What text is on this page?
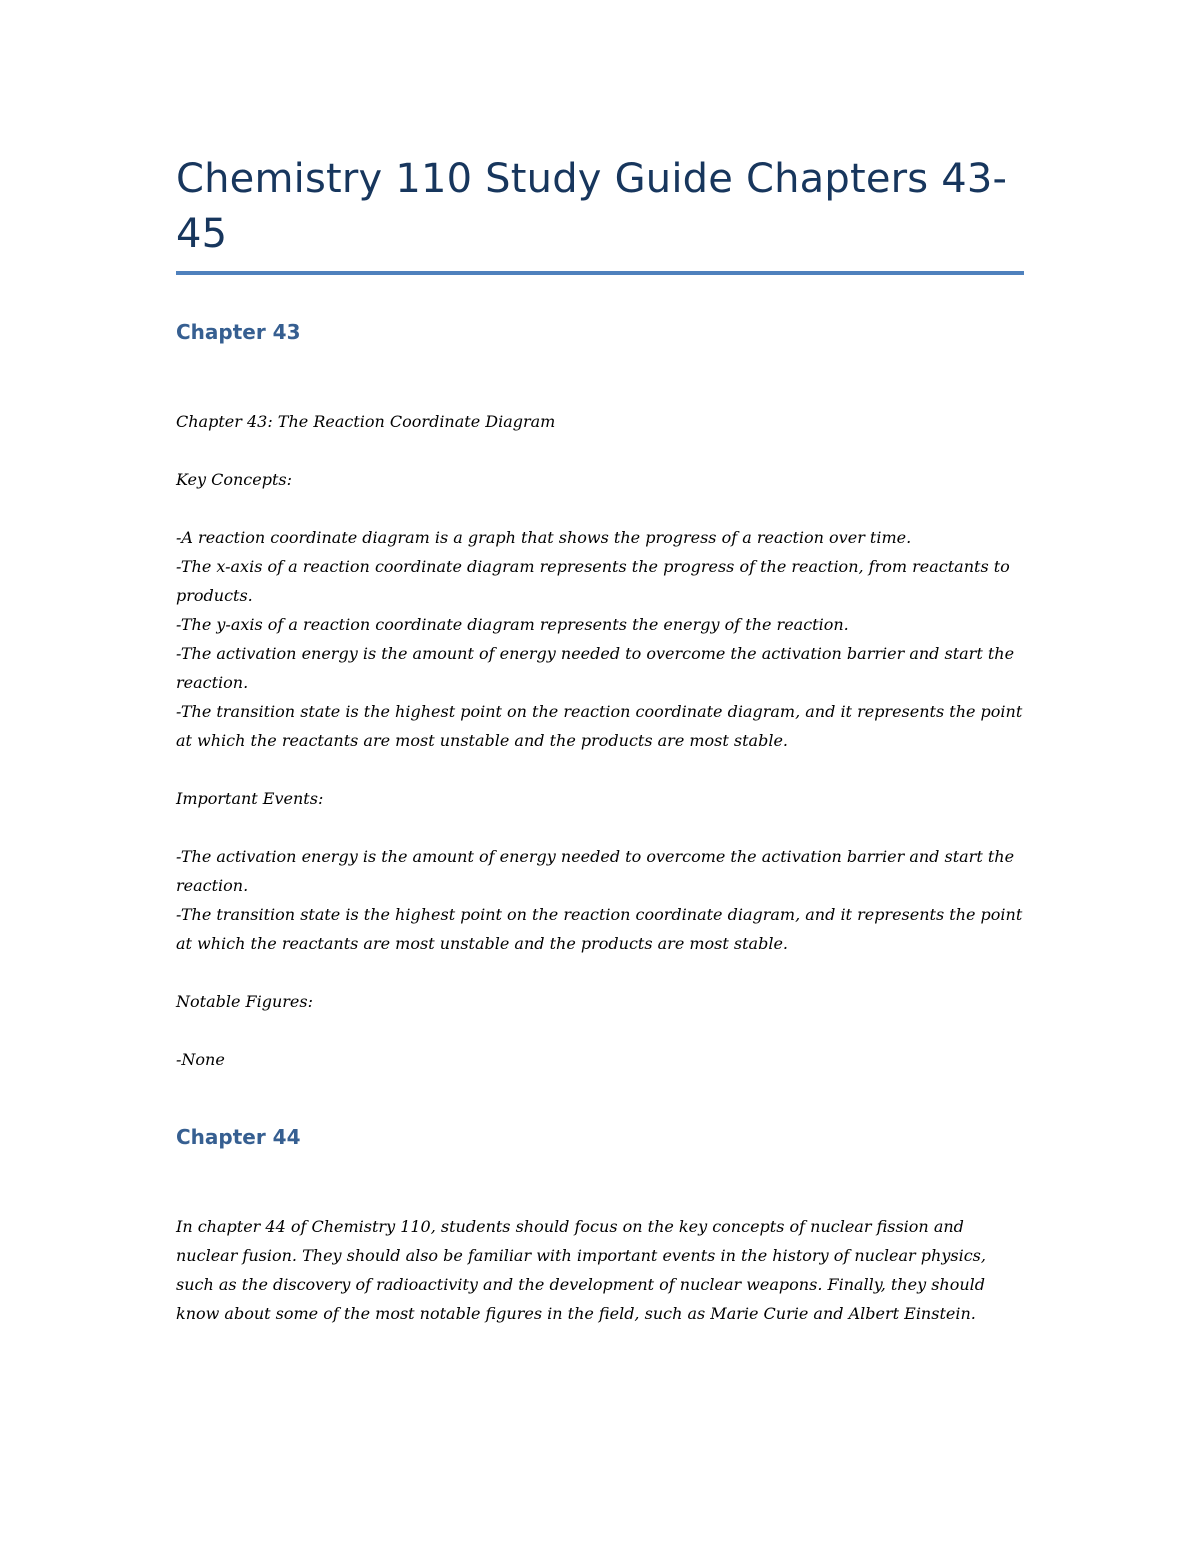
Chemistry 110 Study Guide Chapters 43-45
Chapter 43

Chapter 43: The Reaction Coordinate Diagram

Key Concepts:

-A reaction coordinate diagram is a graph that shows the progress of a reaction over time.

-The x-axis of a reaction coordinate diagram represents the progress of the reaction, from reactants to products.

-The y-axis of a reaction coordinate diagram represents the energy of the reaction.

-The activation energy is the amount of energy needed to overcome the activation barrier and start the reaction.

-The transition state is the highest point on the reaction coordinate diagram, and it represents the point at which the reactants are most unstable and the products are most stable.

Important Events:

-The activation energy is the amount of energy needed to overcome the activation barrier and start the reaction.

-The transition state is the highest point on the reaction coordinate diagram, and it represents the point at which the reactants are most unstable and the products are most stable.

Notable Figures:

-None

Chapter 44

In chapter 44 of Chemistry 110, students should focus on the key concepts of nuclear fission and nuclear fusion. They should also be familiar with important events in the history of nuclear physics, such as the discovery of radioactivity and the development of nuclear weapons. Finally, they should know about some of the most notable figures in the field, such as Marie Curie and Albert Einstein.
